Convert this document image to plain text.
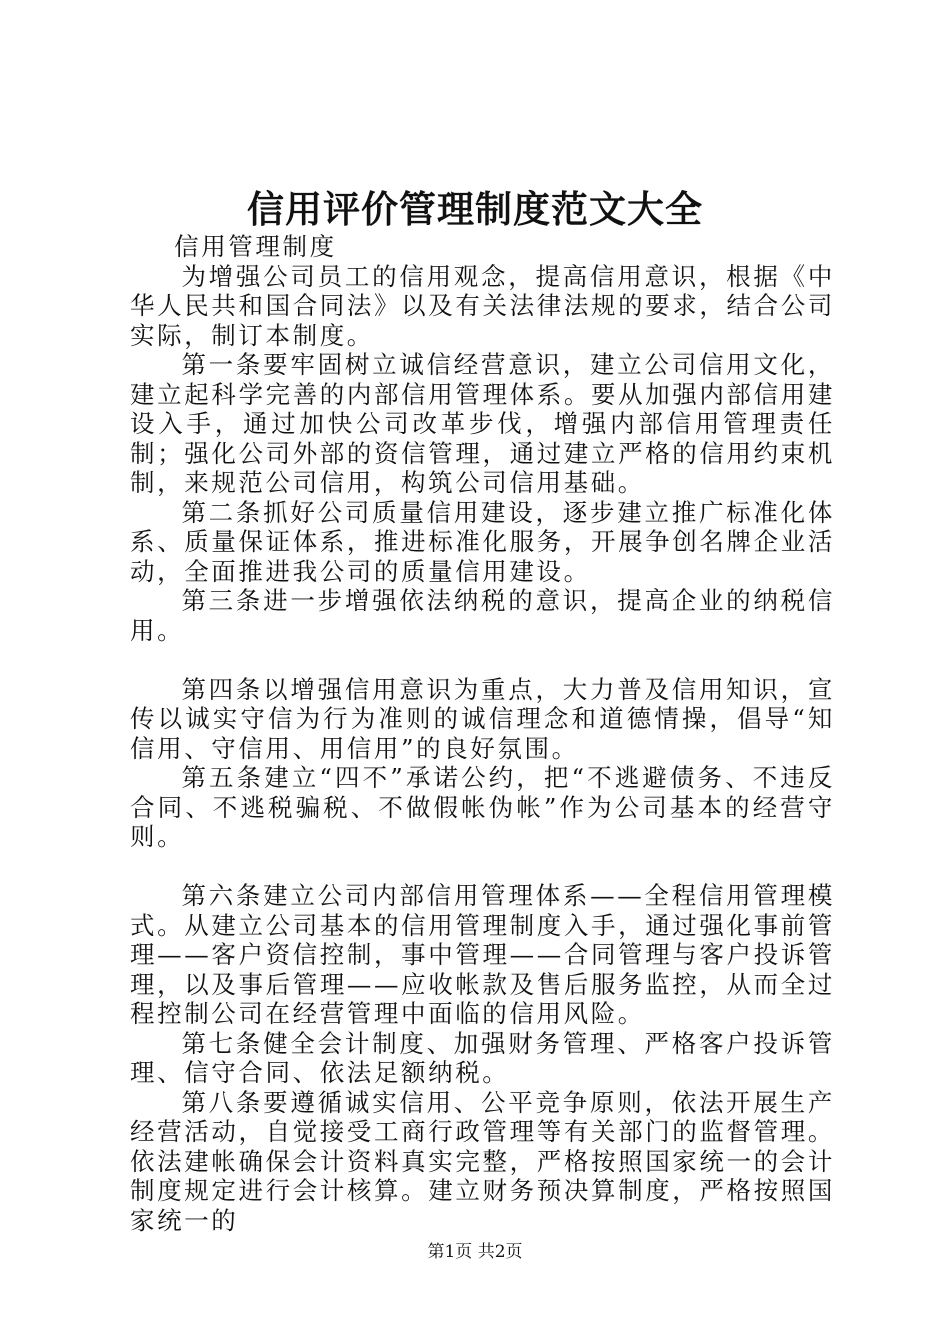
信用评价管理制度范文大全

信用管理制度

为增强公司员工的信用观念，提高信用意识，根据《中华人民共和国合同法》以及有关法律法规的要求，结合公司实际，制订本制度。

第一条要牢固树立诚信经营意识，建立公司信用文化，建立起科学完善的内部信用管理体系。要从加强内部信用建设入手，通过加快公司改革步伐，增强内部信用管理责任制；强化公司外部的资信管理，通过建立严格的信用约束机制，来规范公司信用，构筑公司信用基础。

第二条抓好公司质量信用建设，逐步建立推广标准化体系、质量保证体系，推进标准化服务，开展争创名牌企业活动，全面推进我公司的质量信用建设。

第三条进一步增强依法纳税的意识，提高企业的纳税信用。

第四条以增强信用意识为重点，大力普及信用知识，宣传以诚实守信为行为准则的诚信理念和道德情操，倡导“知信用、守信用、用信用”的良好氛围。

第五条建立“四不”承诺公约，把“不逃避债务、不违反合同、不逃税骗税、不做假帐伪帐”作为公司基本的经营守则。

第六条建立公司内部信用管理体系——全程信用管理模式。从建立公司基本的信用管理制度入手，通过强化事前管理——客户资信控制，事中管理——合同管理与客户投诉管理，以及事后管理——应收帐款及售后服务监控，从而全过程控制公司在经营管理中面临的信用风险。

第七条健全会计制度、加强财务管理、严格客户投诉管理、信守合同、依法足额纳税。

第八条要遵循诚实信用、公平竞争原则，依法开展生产经营活动，自觉接受工商行政管理等有关部门的监督管理。依法建帐确保会计资料真实完整，严格按照国家统一的会计制度规定进行会计核算。建立财务预决算制度，严格按照国家统一的

第1页 共2页
